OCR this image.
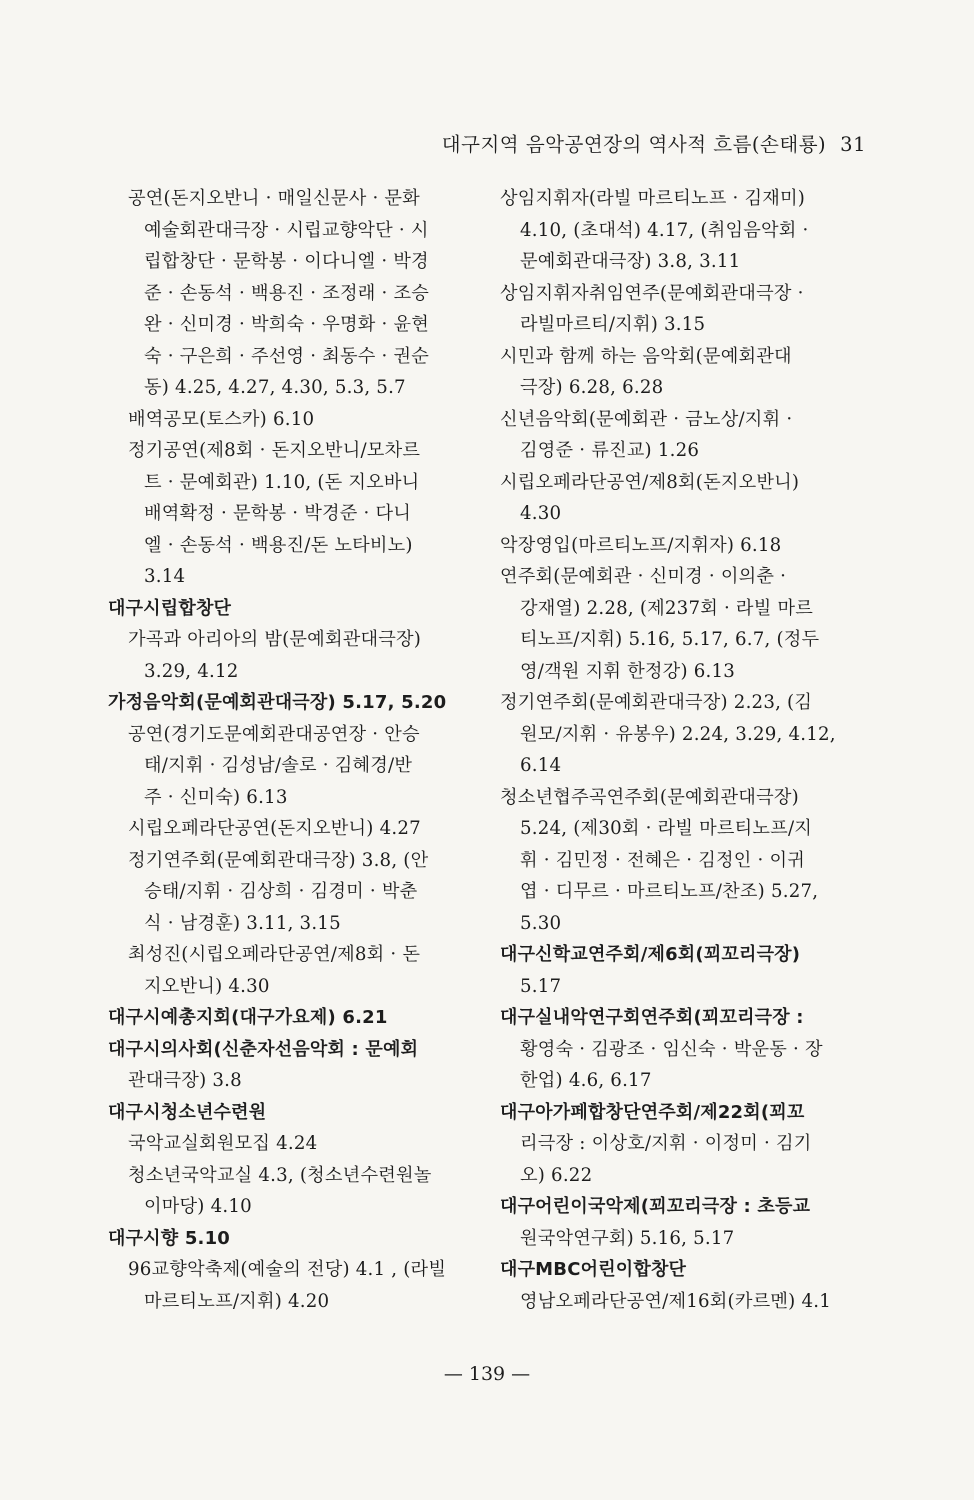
대구지역 음악공연장의 역사적 흐름(손태룡) 31
공연(돈지오반니 · 매일신문사 · 문화
예술회관대극장 · 시립교향악단 · 시
립합창단 · 문학봉 · 이다니엘 · 박경
준 · 손동석 · 백용진 · 조정래 · 조승
완 · 신미경 · 박희숙 · 우명화 · 윤현
숙 · 구은희 · 주선영 · 최동수 · 권순
동) 4.25, 4.27, 4.30, 5.3, 5.7
배역공모(토스카) 6.10
정기공연(제8회 · 돈지오반니/모차르
트 · 문예회관) 1.10, (돈 지오바니
배역확정 · 문학봉 · 박경준 · 다니
엘 · 손동석 · 백용진/돈 노타비노)
3.14
대구시립합창단
가곡과 아리아의 밤(문예회관대극장)
3.29, 4.12
가정음악회(문예회관대극장) 5.17, 5.20
공연(경기도문예회관대공연장 · 안승
태/지휘 · 김성남/솔로 · 김혜경/반
주 · 신미숙) 6.13
시립오페라단공연(돈지오반니) 4.27
정기연주회(문예회관대극장) 3.8, (안
승태/지휘 · 김상희 · 김경미 · 박춘
식 · 남경훈) 3.11, 3.15
최성진(시립오페라단공연/제8회 · 돈
지오반니) 4.30
대구시예총지회(대구가요제) 6.21
대구시의사회(신춘자선음악회 : 문예회
관대극장) 3.8
대구시청소년수련원
국악교실회원모집 4.24
청소년국악교실 4.3, (청소년수련원놀
이마당) 4.10
대구시향 5.10
96교향악축제(예술의 전당) 4.1 , (라빌
마르티노프/지휘) 4.20
상임지휘자(라빌 마르티노프 · 김재미)
4.10, (초대석) 4.17, (취임음악회 ·
문예회관대극장) 3.8, 3.11
상임지휘자취임연주(문예회관대극장 ·
라빌마르티/지휘) 3.15
시민과 함께 하는 음악회(문예회관대
극장) 6.28, 6.28
신년음악회(문예회관 · 금노상/지휘 ·
김영준 · 류진교) 1.26
시립오페라단공연/제8회(돈지오반니)
4.30
악장영입(마르티노프/지휘자) 6.18
연주회(문예회관 · 신미경 · 이의춘 ·
강재열) 2.28, (제237회 · 라빌 마르
티노프/지휘) 5.16, 5.17, 6.7, (정두
영/객원 지휘 한정강) 6.13
정기연주회(문예회관대극장) 2.23, (김
원모/지휘 · 유봉우) 2.24, 3.29, 4.12,
6.14
청소년협주곡연주회(문예회관대극장)
5.24, (제30회 · 라빌 마르티노프/지
휘 · 김민정 · 전혜은 · 김정인 · 이귀
엽 · 디무르 · 마르티노프/찬조) 5.27,
5.30
대구신학교연주회/제6회(꾀꼬리극장)
5.17
대구실내악연구회연주회(꾀꼬리극장 :
황영숙 · 김광조 · 임신숙 · 박운동 · 장
한업) 4.6, 6.17
대구아가페합창단연주회/제22회(꾀꼬
리극장 : 이상호/지휘 · 이정미 · 김기
오) 6.22
대구어린이국악제(꾀꼬리극장 : 초등교
원국악연구회) 5.16, 5.17
대구MBC어린이합창단
영남오페라단공연/제16회(카르멘) 4.1
— 139 —
